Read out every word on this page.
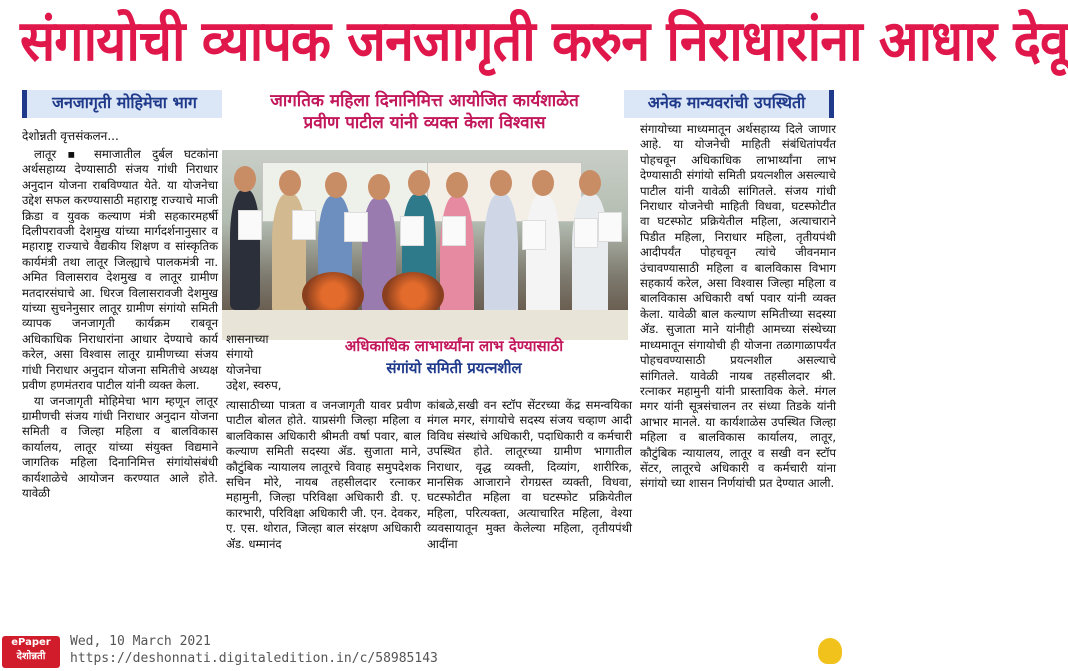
संगायोची व्यापक जनजागृती करुन निराधारांना आधार देवू
जनजागृती मोहिमेचा भाग	जागतिक महिला दिनानिमित्त आयोजित कार्यशाळेत
प्रवीण पाटील यांनी व्यक्त केला विश्वास
अनेक मान्यवरांची उपस्थिती
देशोन्नती वृत्तसंकलन...

लातूर ▪ समाजातील दुर्बल घटकांना अर्थसहाय्य देण्यासाठी संजय गांधी निराधार अनुदान योजना राबविण्यात येते. या योजनेचा उद्देश सफल करण्यासाठी महाराष्ट्र राज्याचे माजी क्रिडा व युवक कल्याण मंत्री सहकारमहर्षी दिलीपरावजी देशमुख यांच्या मार्गदर्शनानुसार व महाराष्ट्र राज्याचे वैद्यकीय शिक्षण व सांस्कृतिक कार्यमंत्री तथा लातूर जिल्ह्याचे पालकमंत्री ना. अमित विलासराव देशमुख व लातूर ग्रामीण मतदारसंघाचे आ. धिरज विलासरावजी देशमुख यांच्या सुचनेनुसार लातूर ग्रामीण संगांयो समिती व्यापक जनजागृती कार्यक्रम राबवून अधिकाधिक निराधारांना आधार देण्याचे कार्य करेल, असा विश्वास लातूर ग्रामीणच्या संजय गांधी निराधार अनुदान योजना समितीचे अध्यक्ष प्रवीण हणमंतराव पाटील यांनी व्यक्त केला.

या जनजागृती मोहिमेचा भाग म्हणून लातूर ग्रामीणची संजय गांधी निराधार अनुदान योजना समिती व जिल्हा महिला व बालविकास कार्यालय, लातूर यांच्या संयुक्त विद्यमाने जागतिक महिला दिनानिमित्त संगांयोसंबंधी कार्यशाळेचे आयोजन करण्यात आले होते. यावेळी

शासनाच्या
संगायो
योजनेचा
उद्देश, स्वरुप,
अधिकाधिक लाभार्थ्यांना लाभ देण्यासाठी
संगांयो समिती प्रयत्नशील

त्यासाठीच्या पात्रता व जनजागृती यावर प्रवीण पाटील बोलत होते. याप्रसंगी जिल्हा महिला व बालविकास अधिकारी श्रीमती वर्षा पवार, बाल कल्याण समिती सदस्या ॲड. सुजाता माने, कौटुंबिक न्यायालय लातूरचे विवाह समुपदेशक सचिन मोरे, नायब तहसीलदार रत्नाकर महामुनी, जिल्हा परिविक्षा अधिकारी डी. ए. कारभारी, परिविक्षा अधिकारी जी. एन. देवकर, ए. एस. थोरात, जिल्हा बाल संरक्षण अधिकारी ॲड. धम्मानंद

कांबळे,सखी वन स्टॉप सेंटरच्या केंद्र समन्वयिका मंगल मगर, संगायोचे सदस्य संजय चव्हाण आदी विविध संस्थांचे अधिकारी, पदाधिकारी व कर्मचारी उपस्थित होते. लातूरच्या ग्रामीण भागातील निराधार, वृद्ध व्यक्ती, दिव्यांग, शारीरिक, मानसिक आजाराने रोगग्रस्त व्यक्ती, विधवा, घटस्फोटीत महिला वा घटस्फोट प्रक्रियेतील महिला, परित्यक्ता, अत्याचारित महिला, वेश्या व्यवसायातून मुक्त केलेल्या महिला, तृतीयपंथी आदींना

संगायोच्या माध्यमातून अर्थसहाय्य दिले जाणार आहे. या योजनेची माहिती संबंधितांपर्यंत पोहचवून अधिकाधिक लाभार्थ्यांना लाभ देण्यासाठी संगांयो समिती प्रयत्नशील असल्याचे पाटील यांनी यावेळी सांगितले. संजय गांधी निराधार योजनेची माहिती विधवा, घटस्फोटीत वा घटस्फोट प्रक्रियेतील महिला, अत्याचाराने पिडीत महिला, निराधार महिला, तृतीयपंथी आदीपर्यंत पोहचवून त्यांचे जीवनमान उंचावण्यासाठी महिला व बालविकास विभाग सहकार्य करेल, असा विश्वास जिल्हा महिला व बालविकास अधिकारी वर्षा पवार यांनी व्यक्त केला. यावेळी बाल कल्याण समितीच्या सदस्या ॲड. सुजाता माने यांनीही आमच्या संस्थेच्या माध्यमातून संगायोची ही योजना तळागाळापर्यंत पोहचवण्यासाठी प्रयत्नशील असल्याचे सांगितले. यावेळी नायब तहसीलदार श्री. रत्नाकर महामुनी यांनी प्रास्ताविक केले. मंगल मगर यांनी सूत्रसंचालन तर संध्या तिडके यांनी आभार मानले. या कार्यशाळेस उपस्थित जिल्हा महिला व बालविकास कार्यालय, लातूर, कौटुंबिक न्यायालय, लातूर व सखी वन स्टॉप सेंटर, लातूरचे अधिकारी व कर्मचारी यांना संगांयो च्या शासन निर्णयांची प्रत देण्यात आली.

ePaper
देशोन्नती
Wed, 10 March 2021
https://deshonnati.digitaledition.in/c/58985143
